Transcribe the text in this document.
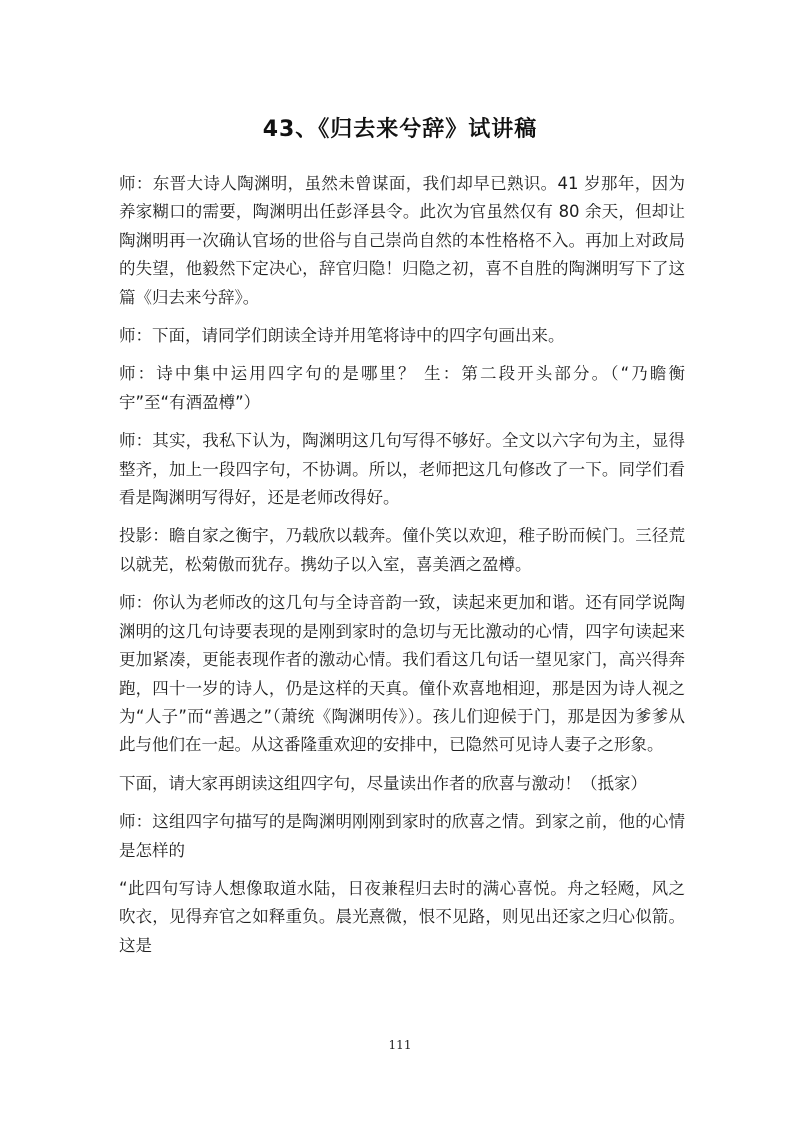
43、《归去来兮辞》试讲稿

师：东晋大诗人陶渊明，虽然未曾谋面，我们却早已熟识。41 岁那年，因为养家糊口的需要，陶渊明出任彭泽县令。此次为官虽然仅有 80 余天，但却让陶渊明再一次确认官场的世俗与自己崇尚自然的本性格格不入。再加上对政局的失望，他毅然下定决心，辞官归隐！归隐之初，喜不自胜的陶渊明写下了这篇《归去来兮辞》。

师：下面，请同学们朗读全诗并用笔将诗中的四字句画出来。

师：诗中集中运用四字句的是哪里？ 生：第二段开头部分。（“乃瞻衡宇”至“有酒盈樽”）

师：其实，我私下认为，陶渊明这几句写得不够好。全文以六字句为主，显得整齐，加上一段四字句，不协调。所以，老师把这几句修改了一下。同学们看看是陶渊明写得好，还是老师改得好。

投影：瞻自家之衡宇，乃载欣以载奔。僮仆笑以欢迎，稚子盼而候门。三径荒以就芜，松菊傲而犹存。携幼子以入室，喜美酒之盈樽。

师：你认为老师改的这几句与全诗音韵一致，读起来更加和谐。还有同学说陶渊明的这几句诗要表现的是刚到家时的急切与无比激动的心情，四字句读起来更加紧凑，更能表现作者的激动心情。我们看这几句话一望见家门，高兴得奔跑，四十一岁的诗人，仍是这样的天真。僮仆欢喜地相迎，那是因为诗人视之为“人子”而“善遇之”（萧统《陶渊明传》）。孩儿们迎候于门，那是因为爹爹从此与他们在一起。从这番隆重欢迎的安排中，已隐然可见诗人妻子之形象。

下面，请大家再朗读这组四字句，尽量读出作者的欣喜与激动！（抵家）

师：这组四字句描写的是陶渊明刚刚到家时的欣喜之情。到家之前，他的心情是怎样的

“此四句写诗人想像取道水陆，日夜兼程归去时的满心喜悦。舟之轻飏，风之吹衣，见得弃官之如释重负。晨光熹微，恨不见路，则见出还家之归心似箭。这是

111
